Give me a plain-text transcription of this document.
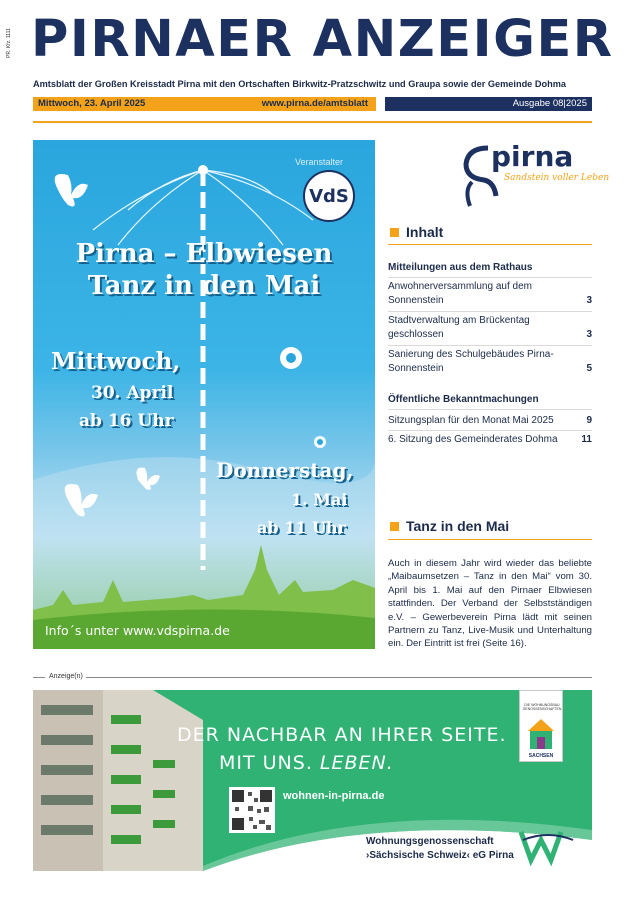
PR. Kfz. 1111 PIRNAER ANZEIGER
Amtsblatt der Großen Kreisstadt Pirna mit den Ortschaften Birkwitz-Pratzschwitz und Graupa sowie der Gemeinde Dohma
Mittwoch, 23. April 2025	www.pirna.de/amtsblatt	Ausgabe 08|2025
Veranstalter
VdS
Pirna – Elbwiesen
Tanz in den Mai
Mittwoch,
30. April
ab 16 Uhr
Donnerstag,
1. Mai
ab 11 Uhr
Info´s unter www.vdspirna.de
pirna
Sandstein voller Leben
Inhalt
Mitteilungen aus dem Rathaus
Anwohnerversammlung auf dem Sonnenstein	3
Stadtverwaltung am Brückentag geschlossen	3
Sanierung des Schulgebäudes Pirna-Sonnenstein	5
Öffentliche Bekanntmachungen
Sitzungsplan für den Monat Mai 2025	9
6. Sitzung des Gemeinderates Dohma	11
Tanz in den Mai
Auch in diesem Jahr wird wieder das beliebte „Maibaumsetzen – Tanz in den Mai“ vom 30. April bis 1. Mai auf den Pirnaer Elbwiesen stattfinden. Der Verband der Selbstständigen e.V. – Gewerbeverein Pirna lädt mit seinen Partnern zu Tanz, Live-Musik und Unterhaltung ein. Der Eintritt ist frei (Seite 16).
Anzeige(n)
DER NACHBAR AN IHRER SEITE.
MIT UNS. LEBEN.
wohnen-in-pirna.de
Wohnungsgenossenschaft
›Sächsische Schweiz‹ eG Pirna
DIE WOHNUNGSBAU GENOSSENSCHAFTEN
SACHSEN
